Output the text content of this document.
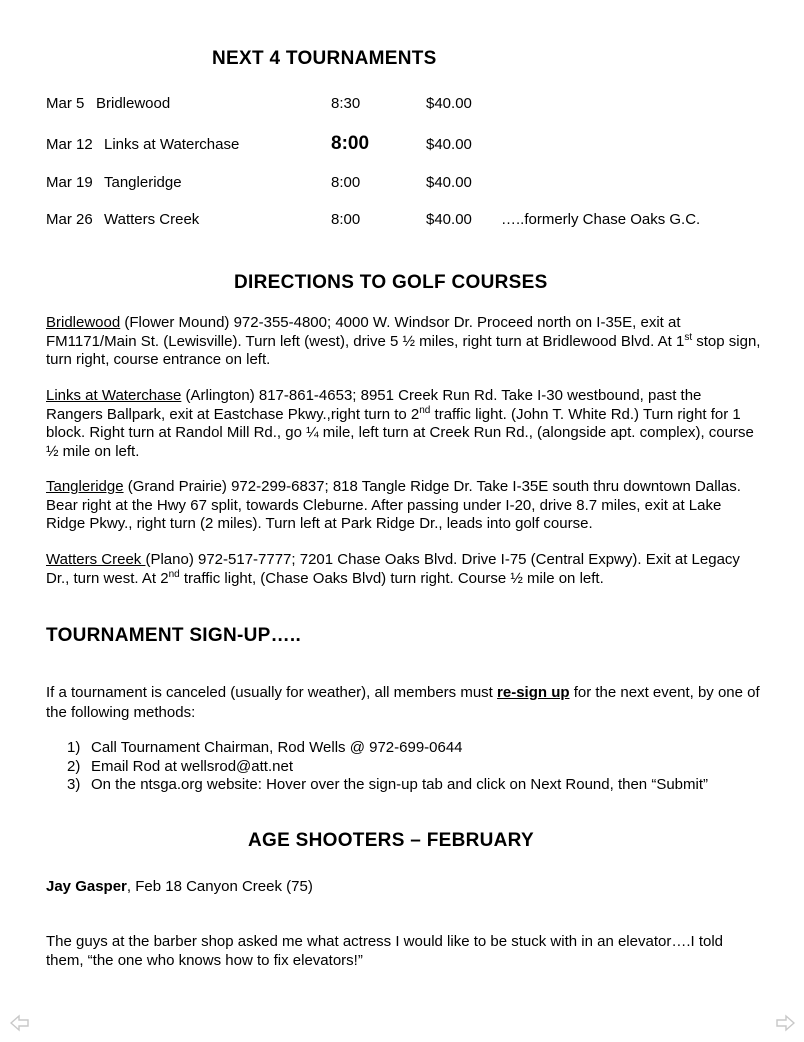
NEXT 4 TOURNAMENTS
Mar 5 Bridlewood	8:30	$40.00
Mar 12 Links at Waterchase	8:00	$40.00
Mar 19 Tangleridge	8:00	$40.00
Mar 26 Watters Creek	8:00	$40.00 …..formerly Chase Oaks G.C.
DIRECTIONS TO GOLF COURSES
Bridlewood (Flower Mound) 972-355-4800; 4000 W. Windsor Dr. Proceed north on I-35E, exit at FM1171/Main St. (Lewisville). Turn left (west), drive 5 ½ miles, right turn at Bridlewood Blvd. At 1st stop sign, turn right, course entrance on left.
Links at Waterchase (Arlington) 817-861-4653; 8951 Creek Run Rd. Take I-30 westbound, past the Rangers Ballpark, exit at Eastchase Pkwy.,right turn to 2nd traffic light. (John T. White Rd.) Turn right for 1 block. Right turn at Randol Mill Rd., go ¼ mile, left turn at Creek Run Rd., (alongside apt. complex), course ½ mile on left.
Tangleridge (Grand Prairie) 972-299-6837; 818 Tangle Ridge Dr. Take I-35E south thru downtown Dallas. Bear right at the Hwy 67 split, towards Cleburne. After passing under I-20, drive 8.7 miles, exit at Lake Ridge Pkwy., right turn (2 miles). Turn left at Park Ridge Dr., leads into golf course.
Watters Creek (Plano) 972-517-7777; 7201 Chase Oaks Blvd. Drive I-75 (Central Expwy). Exit at Legacy Dr., turn west. At 2nd traffic light, (Chase Oaks Blvd) turn right. Course ½ mile on left.
TOURNAMENT SIGN-UP…..
If a tournament is canceled (usually for weather), all members must re-sign up for the next event, by one of the following methods:
1) Call Tournament Chairman, Rod Wells @ 972-699-0644
2) Email Rod at wellsrod@att.net
3) On the ntsga.org website: Hover over the sign-up tab and click on Next Round, then “Submit”
AGE SHOOTERS – FEBRUARY
Jay Gasper, Feb 18 Canyon Creek (75)
The guys at the barber shop asked me what actress I would like to be stuck with in an elevator….I told them, “the one who knows how to fix elevators!”
